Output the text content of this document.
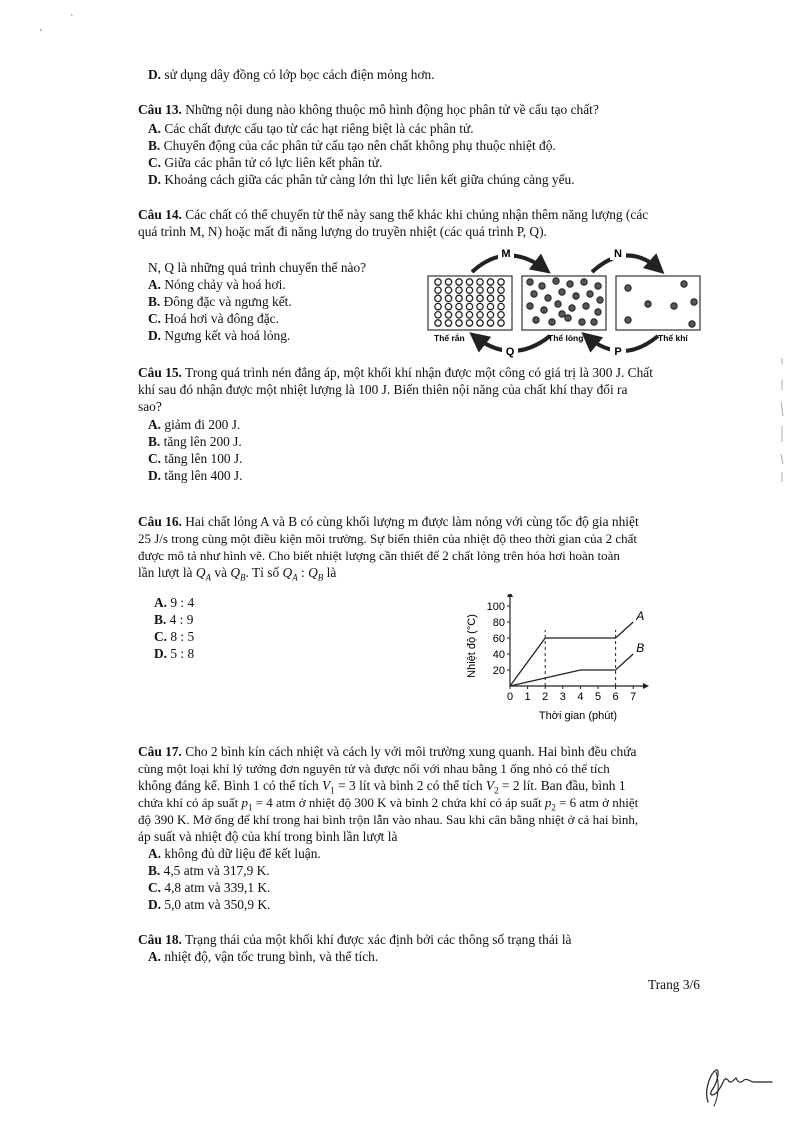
'
`
D. sử dụng dây đồng có lớp bọc cách điện mỏng hơn.
Câu 13. Những nội dung nào không thuộc mô hình động học phân tử về cấu tạo chất?
A. Các chất được cấu tạo từ các hạt riêng biệt là các phân tử.
B. Chuyển động của các phân tử cấu tạo nên chất không phụ thuộc nhiệt độ.
C. Giữa các phân tử có lực liên kết phân tử.
D. Khoảng cách giữa các phân tử càng lớn thì lực liên kết giữa chúng càng yếu.
Câu 14. Các chất có thể chuyển từ thể này sang thể khác khi chúng nhận thêm năng lượng (các
quá trình M, N) hoặc mất đi năng lượng do truyền nhiệt (các quá trình P, Q).
N, Q là những quá trình chuyển thể nào?
A. Nóng chảy và hoá hơi.
B. Đông đặc và ngưng kết.
C. Hoá hơi và đông đặc.
D. Ngưng kết và hoá lỏng.
M	N
Q	P
Thể rắn	Thể lỏng	Thể khí
Câu 15. Trong quá trình nén đẳng áp, một khối khí nhận được một công có giá trị là 300 J. Chất
khí sau đó nhận được một nhiệt lượng là 100 J. Biến thiên nội năng của chất khí thay đổi ra
sao?
A. giảm đi 200 J.
B. tăng lên 200 J.
C. tăng lên 100 J.
D. tăng lên 400 J.
Câu 16. Hai chất lỏng A và B có cùng khối lượng m được làm nóng với cùng tốc độ gia nhiệt
25 J/s trong cùng một điều kiện môi trường. Sự biến thiên của nhiệt độ theo thời gian của 2 chất
được mô tả như hình vẽ. Cho biết nhiệt lượng cần thiết để 2 chất lỏng trên hóa hơi hoàn toàn
lần lượt là $Q_A$ và $Q_B$. Tỉ số $Q_A$ : $Q_B$ là
A. 9 : 4
B. 4 : 9
C. 8 : 5
D. 5 : 8
0 1 2 3 4 5 6 7
20
40
60
80
100
A
B
Nhiệt độ (°C)
Thời gian (phút)
Câu 17. Cho 2 bình kín cách nhiệt và cách ly với môi trường xung quanh. Hai bình đều chứa
cùng một loại khí lý tưởng đơn nguyên tử và được nối với nhau bằng 1 ống nhỏ có thể tích
không đáng kể. Bình 1 có thể tích $V_1 = 3$ lít và bình 2 có thể tích $V_2 = 2$ lít. Ban đầu, bình 1
chứa khí có áp suất $p_1 = 4$ atm ở nhiệt độ 300 K và bình 2 chứa khí có áp suất $p_2 = 6$ atm ở nhiệt
độ 390 K. Mở ống để khí trong hai bình trộn lẫn vào nhau. Sau khi cân bằng nhiệt ở cả hai bình,
áp suất và nhiệt độ của khí trong bình lần lượt là
A. không đủ dữ liệu để kết luận.
B. 4,5 atm và 317,9 K.
C. 4,8 atm và 339,1 K.
D. 5,0 atm và 350,9 K.
Câu 18. Trạng thái của một khối khí được xác định bởi các thông số trạng thái là
A. nhiệt độ, vận tốc trung bình, và thể tích.
Trang 3/6
